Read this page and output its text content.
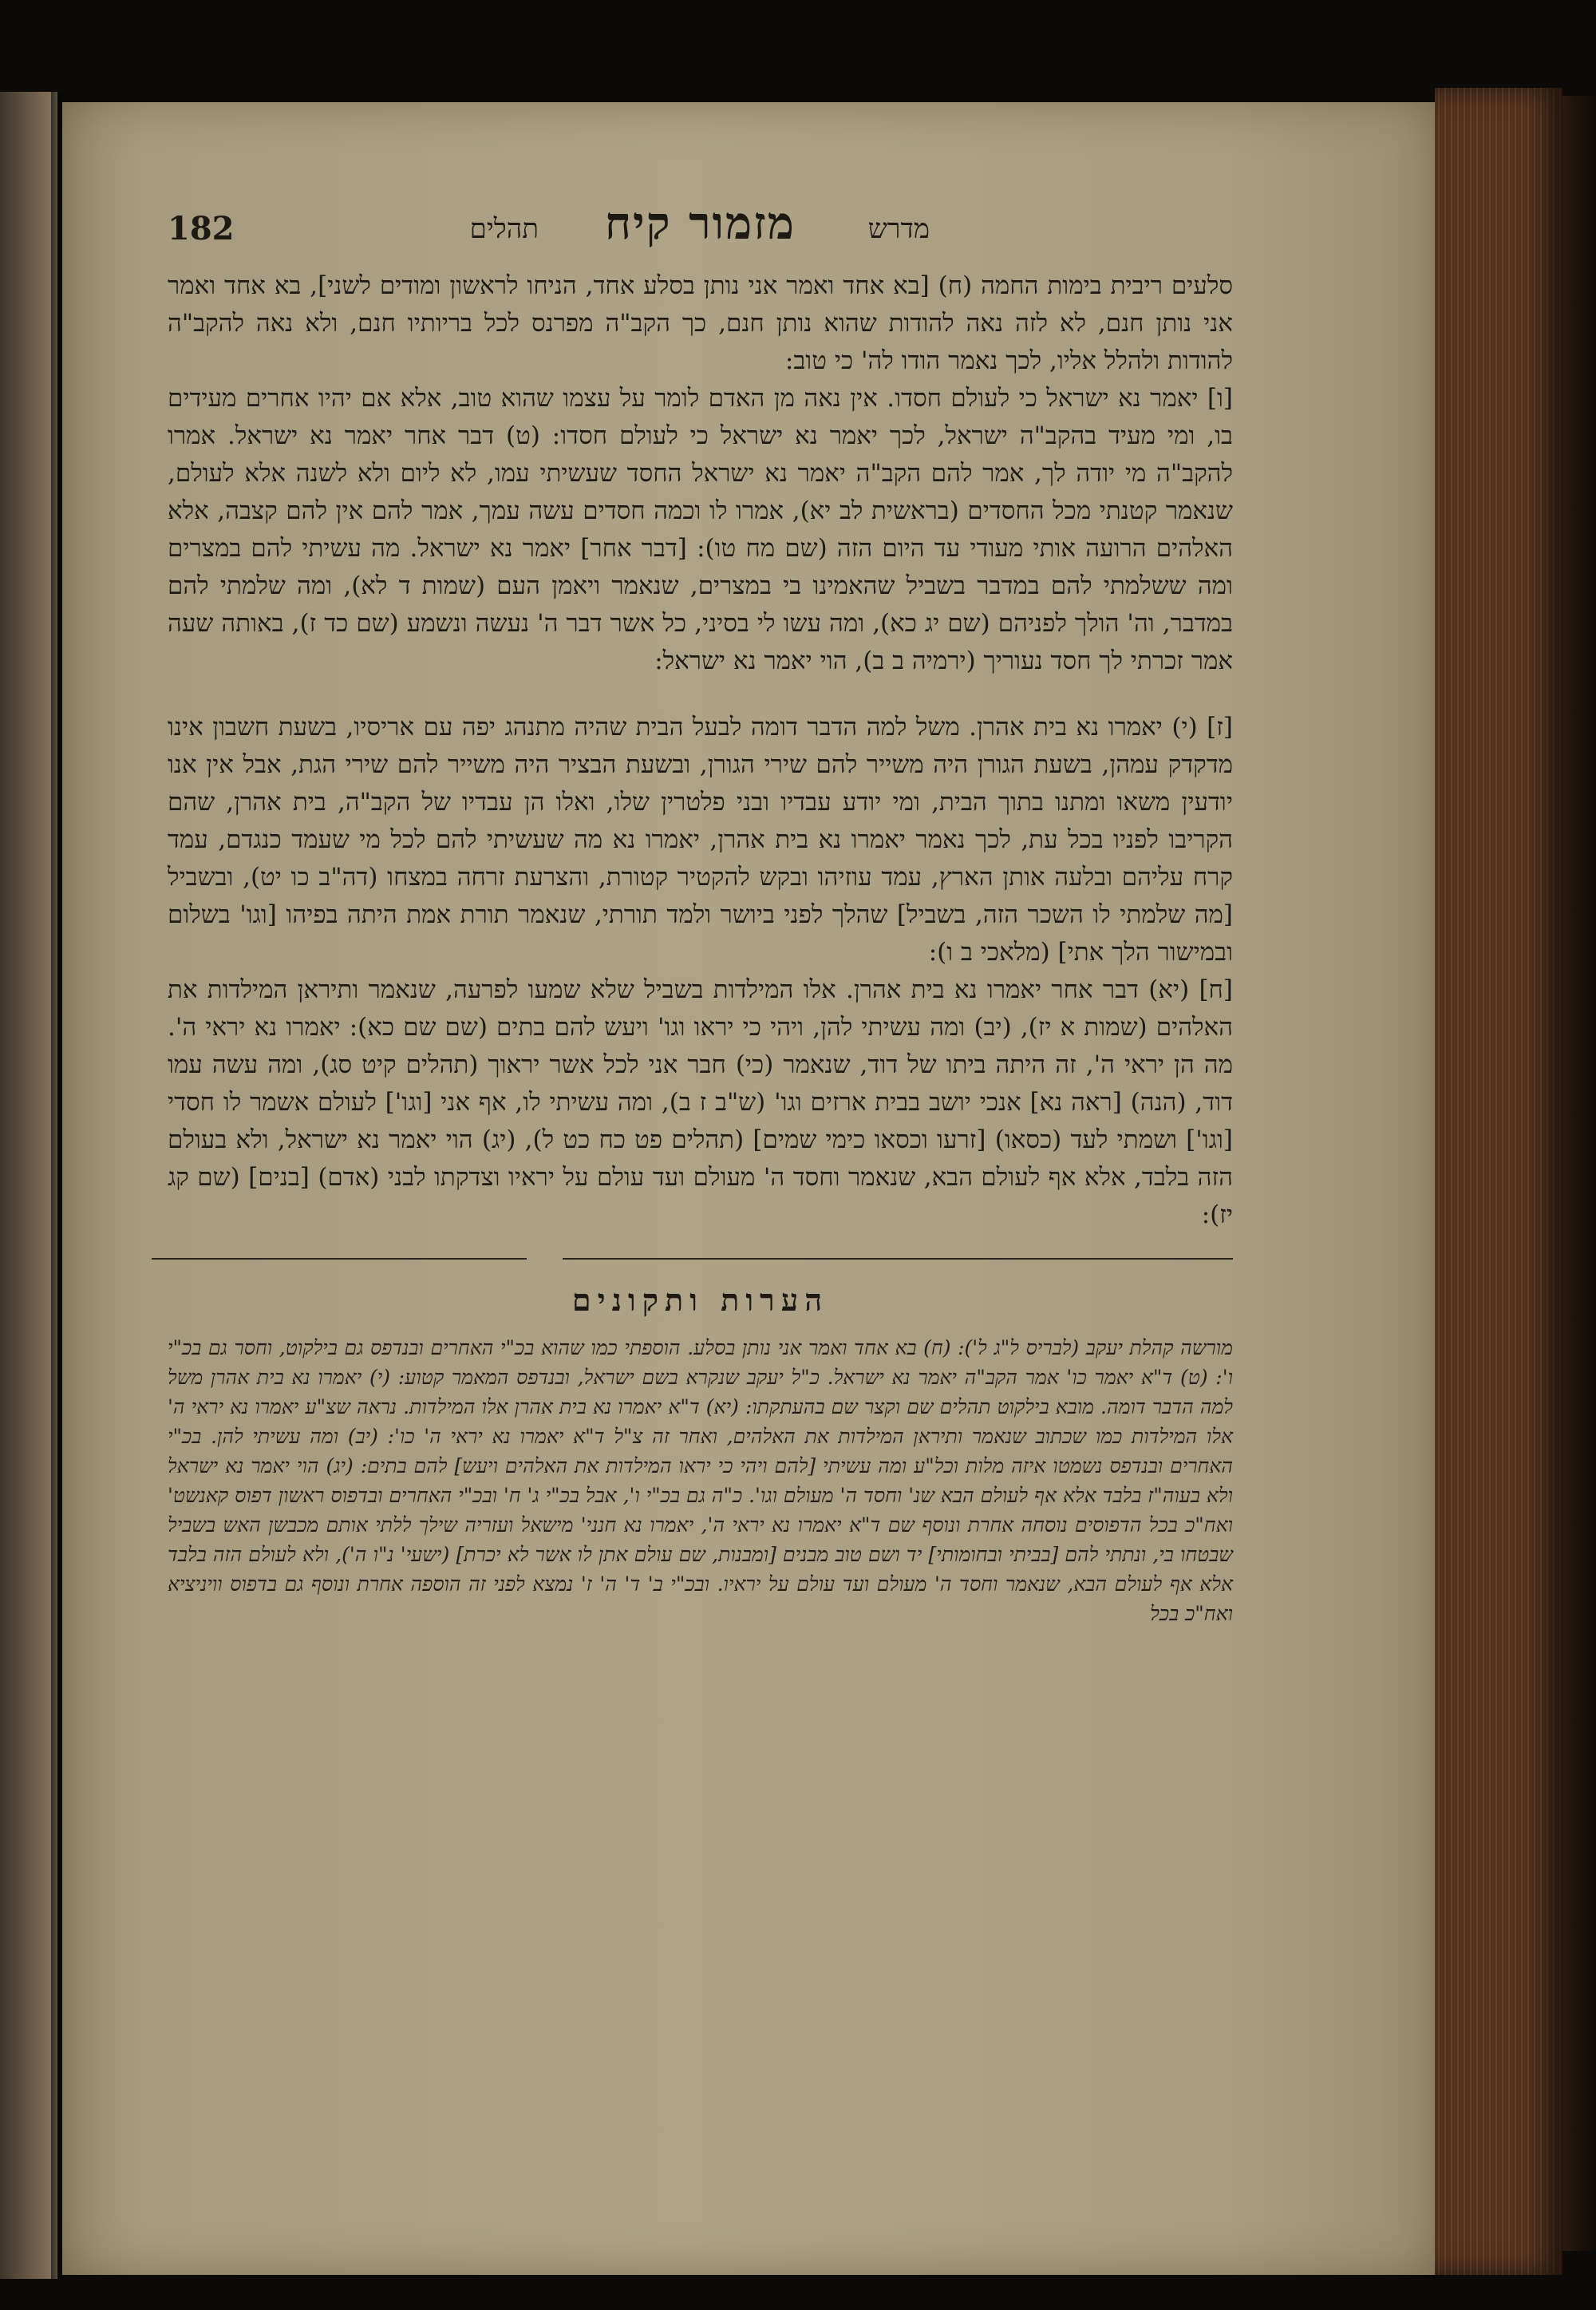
מדרש
מזמור קיח
תהלים
182

סלעים ריבית בימות החמה (ח) [בא אחד ואמר אני נותן בסלע אחד, הניחו לראשון ומודים לשני], בא אחד ואמר אני נותן חנם, לא לזה נאה להודות שהוא נותן חנם, כך הקב"ה מפרנס לכל בריותיו חנם, ולא נאה להקב"ה להודות ולהלל אליו, לכך נאמר הודו לה' כי טוב:

[ו] יאמר נא ישראל כי לעולם חסדו. אין נאה מן האדם לומר על עצמו שהוא טוב, אלא אם יהיו אחרים מעידים בו, ומי מעיד בהקב"ה ישראל, לכך יאמר נא ישראל כי לעולם חסדו: (ט) דבר אחר יאמר נא ישראל. אמרו להקב"ה מי יודה לך, אמר להם הקב"ה יאמר נא ישראל החסד שעשיתי עמו, לא ליום ולא לשנה אלא לעולם, שנאמר קטנתי מכל החסדים (בראשית לב יא), אמרו לו וכמה חסדים עשה עמך, אמר להם אין להם קצבה, אלא האלהים הרועה אותי מעודי עד היום הזה (שם מח טו): [דבר אחר] יאמר נא ישראל. מה עשיתי להם במצרים ומה ששלמתי להם במדבר בשביל שהאמינו בי במצרים, שנאמר ויאמן העם (שמות ד לא), ומה שלמתי להם במדבר, וה' הולך לפניהם (שם יג כא), ומה עשו לי בסיני, כל אשר דבר ה' נעשה ונשמע (שם כד ז), באותה שעה אמר זכרתי לך חסד נעוריך (ירמיה ב ב), הוי יאמר נא ישראל:

[ז] (י) יאמרו נא בית אהרן. משל למה הדבר דומה לבעל הבית שהיה מתנהג יפה עם אריסיו, בשעת חשבון אינו מדקדק עמהן, בשעת הגורן היה משייר להם שירי הגורן, ובשעת הבציר היה משייר להם שירי הגת, אבל אין אנו יודעין משאו ומתנו בתוך הבית, ומי יודע עבדיו ובני פלטרין שלו, ואלו הן עבדיו של הקב"ה, בית אהרן, שהם הקריבו לפניו בכל עת, לכך נאמר יאמרו נא בית אהרן, יאמרו נא מה שעשיתי להם לכל מי שעמד כנגדם, עמד קרח עליהם ובלעה אותן הארץ, עמד עוזיהו ובקש להקטיר קטורת, והצרעת זרחה במצחו (דה"ב כו יט), ובשביל [מה שלמתי לו השכר הזה, בשביל] שהלך לפני ביושר ולמד תורתי, שנאמר תורת אמת היתה בפיהו [וגו' בשלום ובמישור הלך אתי] (מלאכי ב ו):

[ח] (יא) דבר אחר יאמרו נא בית אהרן. אלו המילדות בשביל שלא שמעו לפרעה, שנאמר ותיראן המילדות את האלהים (שמות א יז), (יב) ומה עשיתי להן, ויהי כי יראו וגו' ויעש להם בתים (שם שם כא): יאמרו נא יראי ה'. מה הן יראי ה', זה היתה ביתו של דוד, שנאמר (כי) חבר אני לכל אשר יראוך (תהלים קיט סג), ומה עשה עמו דוד, (הנה) [ראה נא] אנכי יושב בבית ארזים וגו' (ש"ב ז ב), ומה עשיתי לו, אף אני [וגו'] לעולם אשמר לו חסדי [וגו'] ושמתי לעד (כסאו) [זרעו וכסאו כימי שמים] (תהלים פט כח כט ל), (יג) הוי יאמר נא ישראל, ולא בעולם הזה בלבד, אלא אף לעולם הבא, שנאמר וחסד ה' מעולם ועד עולם על יראיו וצדקתו לבני (אדם) [בנים] (שם קג יז):

הערות ותקונים

מורשה קהלת יעקב (לבריס ל"ג ל'): (ח) בא אחד ואמר אני נותן בסלע. הוספתי כמו שהוא בכ"י האחרים ובנדפס גם בילקוט, וחסר גם בכ"י ו': (ט) ד"א יאמר כו' אמר הקב"ה יאמר נא ישראל. כ"ל יעקב שנקרא בשם ישראל, ובנדפס המאמר קטוע: (י) יאמרו נא בית אהרן משל למה הדבר דומה. מובא בילקוט תהלים שם וקצר שם בהעתקתו: (יא) ד"א יאמרו נא בית אהרן אלו המילדות. נראה שצ"ע יאמרו נא יראי ה' אלו המילדות כמו שכתוב שנאמר ותיראן המילדות את האלהים, ואחר זה צ"ל ד"א יאמרו נא יראי ה' כו': (יב) ומה עשיתי להן. בכ"י האחרים ובנדפס נשמטו איזה מלות וכל"ע ומה עשיתי [להם ויהי כי יראו המילדות את האלהים ויעש] להם בתים: (יג) הוי יאמר נא ישראל ולא בעוה"ז בלבד אלא אף לעולם הבא שנ' וחסד ה' מעולם וגו'. כ"ה גם בכ"י ו', אבל בכ"י ג' ח' ובכ"י האחרים ובדפוס ראשון דפוס קאנשט' ואח"כ בכל הדפוסים נוסחה אחרת ונוסף שם ד"א יאמרו נא יראי ה', יאמרו נא חנני' מישאל ועזריה שילך ללתי אותם מכבשן האש בשביל שבטחו בי, ונתתי להם [בביתי ובחומותי] יד ושם טוב מבנים [ומבנות, שם עולם אתן לו אשר לא יכרת] (ישעי' נ"ו ה'), ולא לעולם הזה בלבד אלא אף לעולם הבא, שנאמר וחסד ה' מעולם ועד עולם על יראיו. ובכ"י ב' ד' ה' ז' נמצא לפני זה הוספה אחרת ונוסף גם בדפוס וויניציא ואח"כ בכל
